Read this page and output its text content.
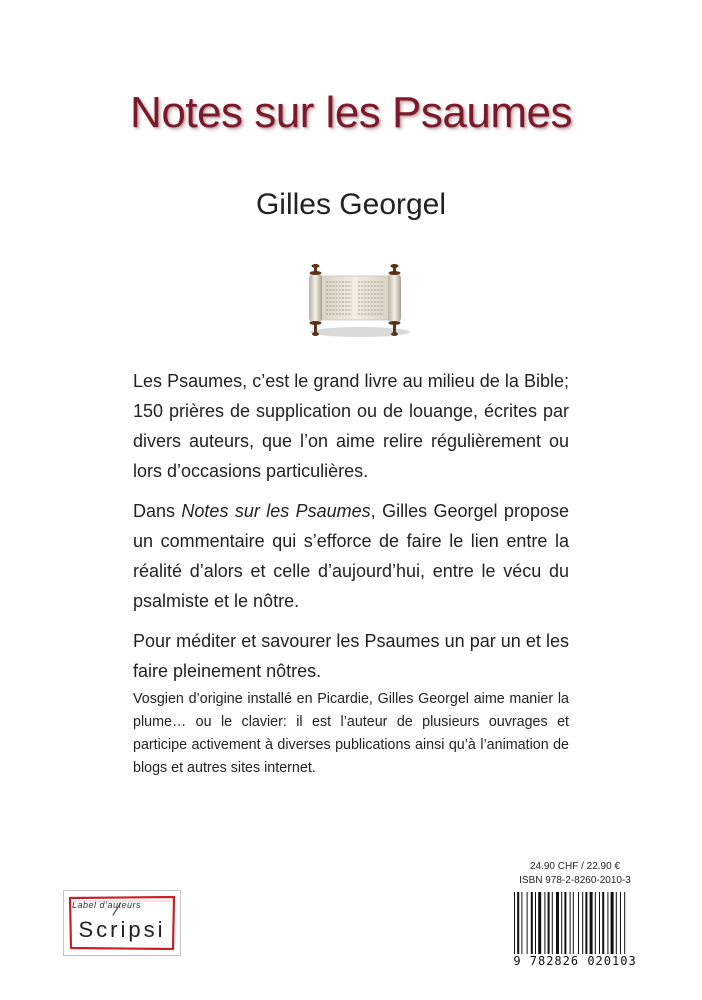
Notes sur les Psaumes
Gilles Georgel

Les Psaumes, c’est le grand livre au milieu de la Bible; 150 prières de supplication ou de louange, écrites par divers auteurs, que l’on aime relire régulièrement ou lors d’occasions particulières.

Dans Notes sur les Psaumes, Gilles Georgel propose un commentaire qui s’efforce de faire le lien entre la réalité d’alors et celle d’aujourd’hui, entre le vécu du psalmiste et le nôtre.

Pour méditer et savourer les Psaumes un par un et les faire pleinement nôtres.

Vosgien d’origine installé en Picardie, Gilles Georgel aime manier la plume… ou le clavier: il est l’auteur de plusieurs ouvrages et participe activement à diverses publications ainsi qu’à l’animation de blogs et autres sites internet.
Label d’auteurs
Scripsi
24.90 CHF / 22.90 €
ISBN 978-2-8260-2010-3
9 782826 020103
